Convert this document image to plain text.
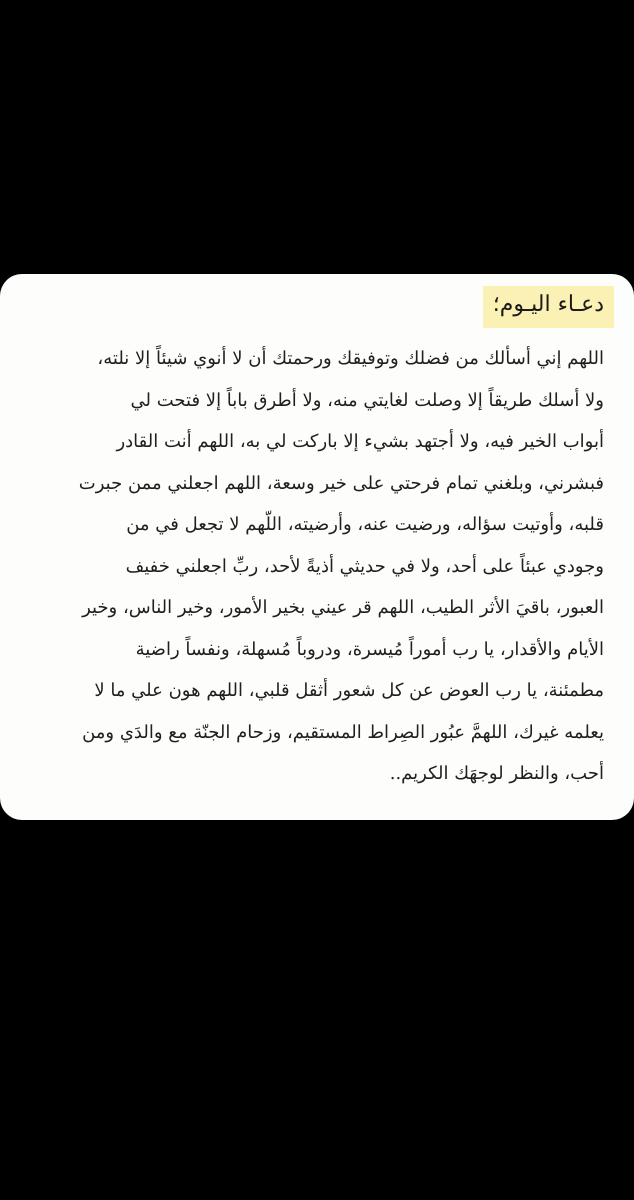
دعـاء اليـوم؛
اللهم إني أسألك من فضلك وتوفيقك ورحمتك أن لا أنوي شيئاً إلا نلته،
ولا أسلك طريقاً إلا وصلت لغايتي منه، ولا أطرق باباً إلا فتحت لي
أبواب الخير فيه، ولا أجتهد بشيء إلا باركت لي به، اللهم أنت القادر
فبشرني، وبلغني تمام فرحتي على خير وسعة، اللهم اجعلني ممن جبرت
قلبه، وأوتيت سؤاله، ورضيت عنه، وأرضيته، اللّهم لا تجعل في من
وجودي عبئاً على أحد، ولا في حديثي أذيةً لأحد، ربِّ اجعلني خفيف
العبور، باقيَ الأثر الطيب، اللهم قر عيني بخير الأمور، وخير الناس، وخير
الأيام والأقدار، يا رب أموراً مُيسرة، ودروباً مُسهلة، ونفساً راضية
مطمئنة، يا رب العوض عن كل شعور أثقل قلبي، اللهم هون علي ما لا
يعلمه غيرك، اللهمَّ عبُور الصِراط المستقيم، وزحام الجنّة مع والدَي ومن
أحب، والنظر لوجهَك الكريم..
